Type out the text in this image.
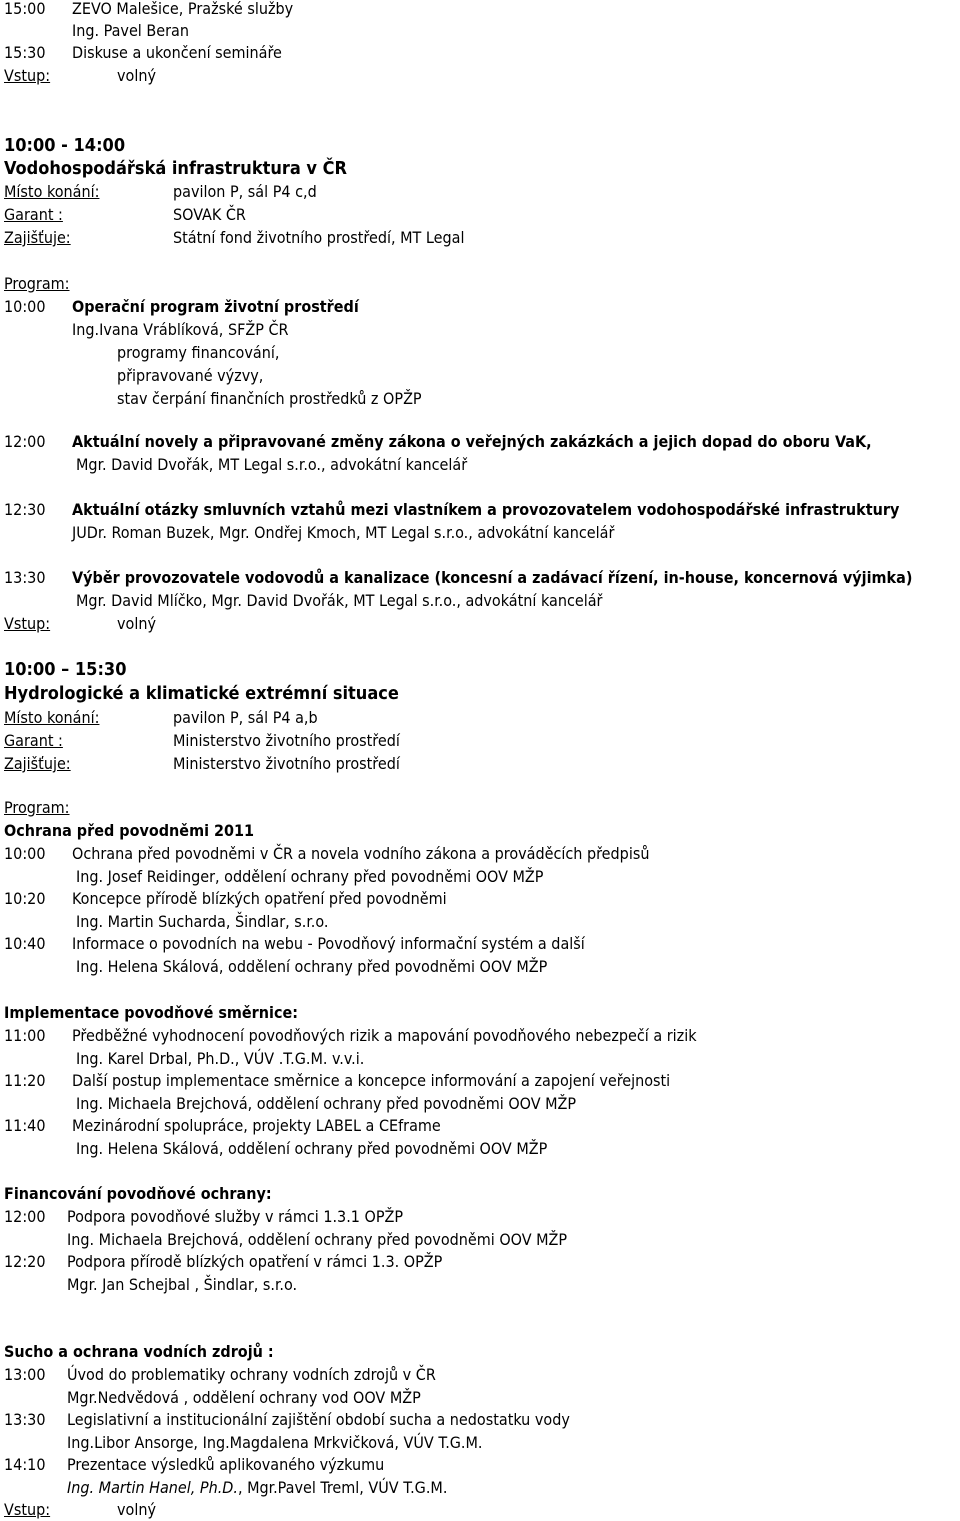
15:00 ZEVO Malešice, Pražské služby
Ing. Pavel Beran
15:30 Diskuse a ukončení semináře
Vstup:	volný
10:00 - 14:00
Vodohospodářská infrastruktura v ČR
Místo konání:	pavilon P, sál P4 c,d
Garant :	SOVAK ČR
Zajišťuje:	Státní fond životního prostředí, MT Legal
Program:
10:00 Operační program životní prostředí
Ing.Ivana Vráblíková, SFŽP ČR
programy financování,
připravované výzvy,
stav čerpání finančních prostředků z OPŽP
12:00 Aktuální novely a připravované změny zákona o veřejných zakázkách a jejich dopad do oboru VaK,
Mgr. David Dvořák, MT Legal s.r.o., advokátní kancelář
12:30 Aktuální otázky smluvních vztahů mezi vlastníkem a provozovatelem vodohospodářské infrastruktury
JUDr. Roman Buzek, Mgr. Ondřej Kmoch, MT Legal s.r.o., advokátní kancelář
13:30 Výběr provozovatele vodovodů a kanalizace (koncesní a zadávací řízení, in-house, koncernová výjimka)
Mgr. David Mlíčko, Mgr. David Dvořák, MT Legal s.r.o., advokátní kancelář
Vstup:	volný
10:00 – 15:30
Hydrologické a klimatické extrémní situace
Místo konání:	pavilon P, sál P4 a,b
Garant :	Ministerstvo životního prostředí
Zajišťuje:	Ministerstvo životního prostředí
Program:
Ochrana před povodněmi 2011
10:00 Ochrana před povodněmi v ČR a novela vodního zákona a prováděcích předpisů
Ing. Josef Reidinger, oddělení ochrany před povodněmi OOV MŽP
10:20 Koncepce přírodě blízkých opatření před povodněmi
Ing. Martin Sucharda, Šindlar, s.r.o.
10:40 Informace o povodních na webu - Povodňový informační systém a další
Ing. Helena Skálová, oddělení ochrany před povodněmi OOV MŽP
Implementace povodňové směrnice:
11:00 Předběžné vyhodnocení povodňových rizik a mapování povodňového nebezpečí a rizik
Ing. Karel Drbal, Ph.D., VÚV .T.G.M. v.v.i.
11:20 Další postup implementace směrnice a koncepce informování a zapojení veřejnosti
Ing. Michaela Brejchová, oddělení ochrany před povodněmi OOV MŽP
11:40 Mezinárodní spolupráce, projekty LABEL a CEframe
Ing. Helena Skálová, oddělení ochrany před povodněmi OOV MŽP
Financování povodňové ochrany:
12:00 Podpora povodňové služby v rámci 1.3.1 OPŽP
Ing. Michaela Brejchová, oddělení ochrany před povodněmi OOV MŽP
12:20 Podpora přírodě blízkých opatření v rámci 1.3. OPŽP
Mgr. Jan Schejbal , Šindlar, s.r.o.
Sucho a ochrana vodních zdrojů :
13:00 Úvod do problematiky ochrany vodních zdrojů v ČR
Mgr.Nedvědová , oddělení ochrany vod OOV MŽP
13:30 Legislativní a institucionální zajištění období sucha a nedostatku vody
Ing.Libor Ansorge, Ing.Magdalena Mrkvičková, VÚV T.G.M.
14:10 Prezentace výsledků aplikovaného výzkumu
Ing. Martin Hanel, Ph.D., Mgr.Pavel Treml, VÚV T.G.M.
Vstup:	volný
